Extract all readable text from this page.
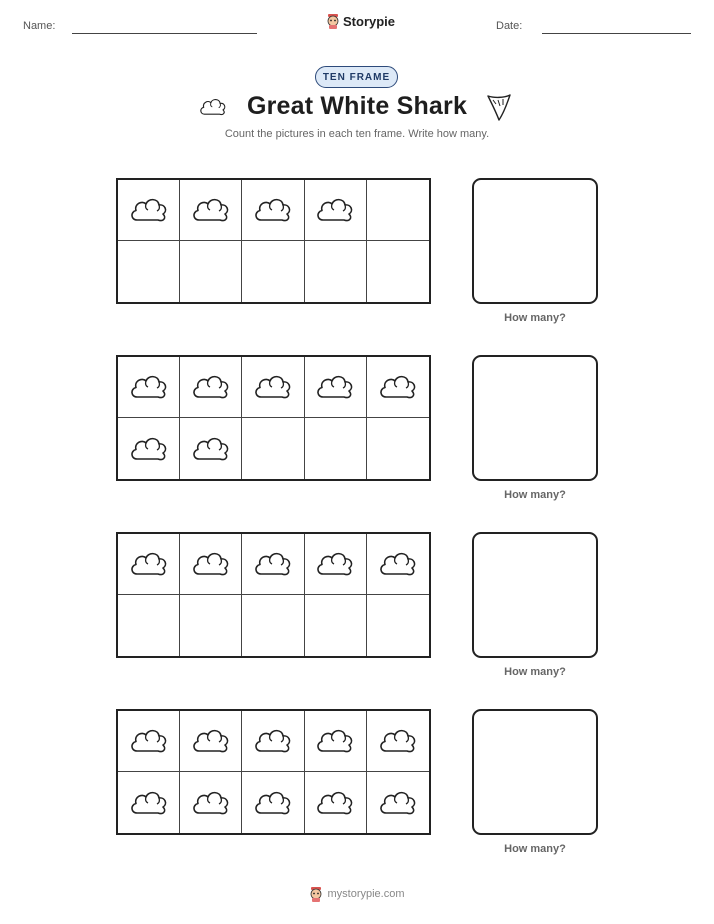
Name:	Storypie	Date:
TEN FRAME
Great White Shark
Count the pictures in each ten frame. Write how many.
How many?
How many?
How many?
How many?
mystorypie.com
